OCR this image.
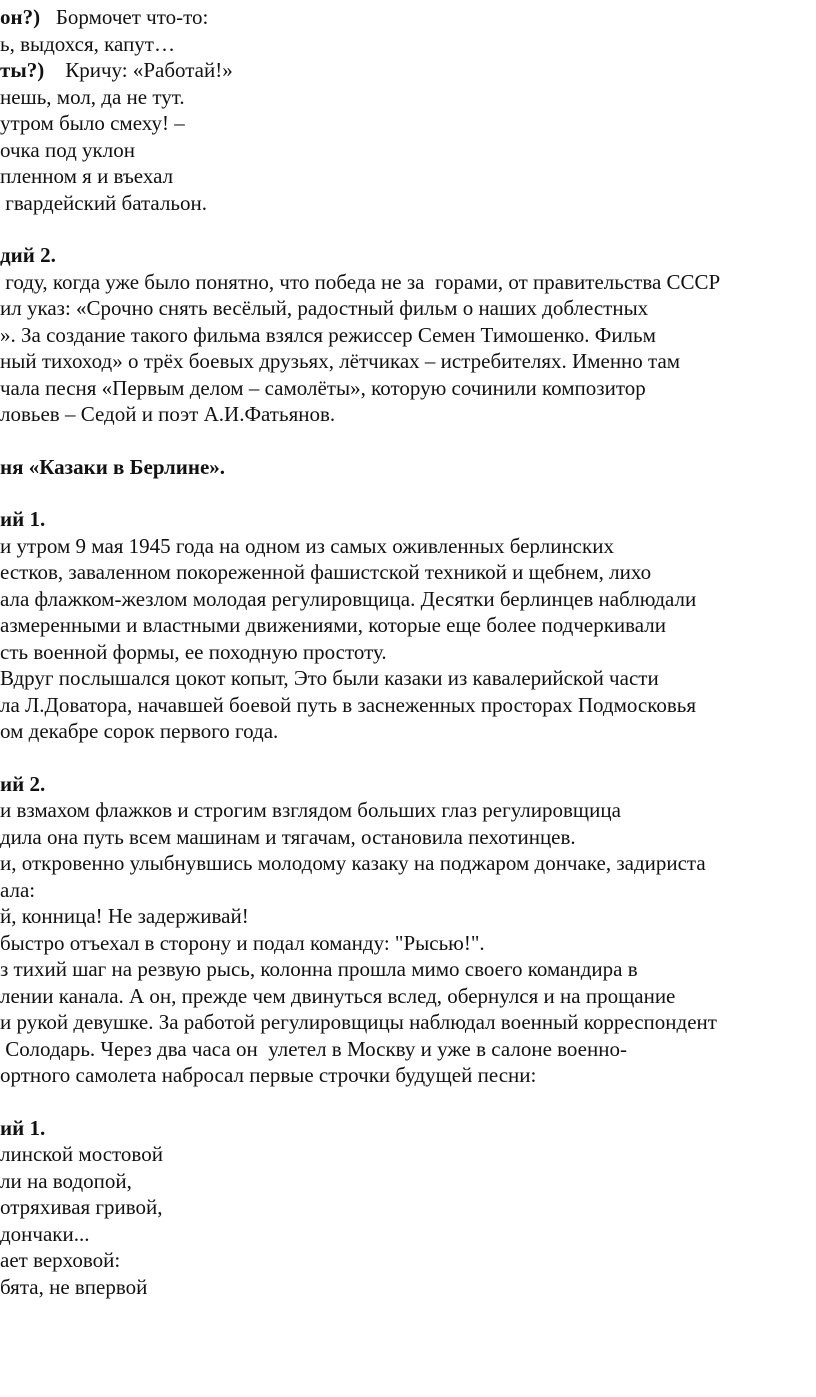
он?)   Бормочет что-то:
ь, выдохся, капут…
ты?)    Кричу: «Работай!»
нешь, мол, да не тут.
утром было смеху! –
очка под уклон
пленном я и въехал
гвардейский батальон.
дий 2.
году, когда уже было понятно, что победа не за  горами, от правительства СССР
ил указ: «Срочно снять весёлый, радостный фильм о наших доблестных
». За создание такого фильма взялся режиссер Семен Тимошенко. Фильм
ный тихоход» о трёх боевых друзьях, лётчиках – истребителях. Именно там
чала песня «Первым делом – самолёты», которую сочинили композитор
ловьев – Седой и поэт А.И.Фатьянов.
ня «Казаки в Берлине».
ий 1.
и утром 9 мая 1945 года на одном из самых оживленных берлинских
естков, заваленном покореженной фашистской техникой и щебнем, лихо
ала флажком-жезлом молодая регулировщица. Десятки берлинцев наблюдали
азмеренными и властными движениями, которые еще более подчеркивали
сть военной формы, ее походную простоту.
Вдруг послышался цокот копыт, Это были казаки из кавалерийской части
ла Л.Доватора, начавшей боевой путь в заснеженных просторах Подмосковья
ом декабре сорок первого года.
ий 2.
и взмахом флажков и строгим взглядом больших глаз регулировщица
дила она путь всем машинам и тягачам, остановила пехотинцев.
и, откровенно улыбнувшись молодому казаку на поджаром дончаке, задириста
ала:
й, конница! Не задерживай!
быстро отъехал в сторону и подал команду: "Рысью!".
з тихий шаг на резвую рысь, колонна прошла мимо своего командира в
лении канала. А он, прежде чем двинуться вслед, обернулся и на прощание
и рукой девушке. За работой регулировщицы наблюдал военный корреспондент
Солодарь. Через два часа он  улетел в Москву и уже в салоне военно-
ортного самолета набросал первые строчки будущей песни:
ий 1.
линской мостовой
ли на водопой,
отряхивая гривой,
дончаки...
ает верховой:
бята, не впервой
